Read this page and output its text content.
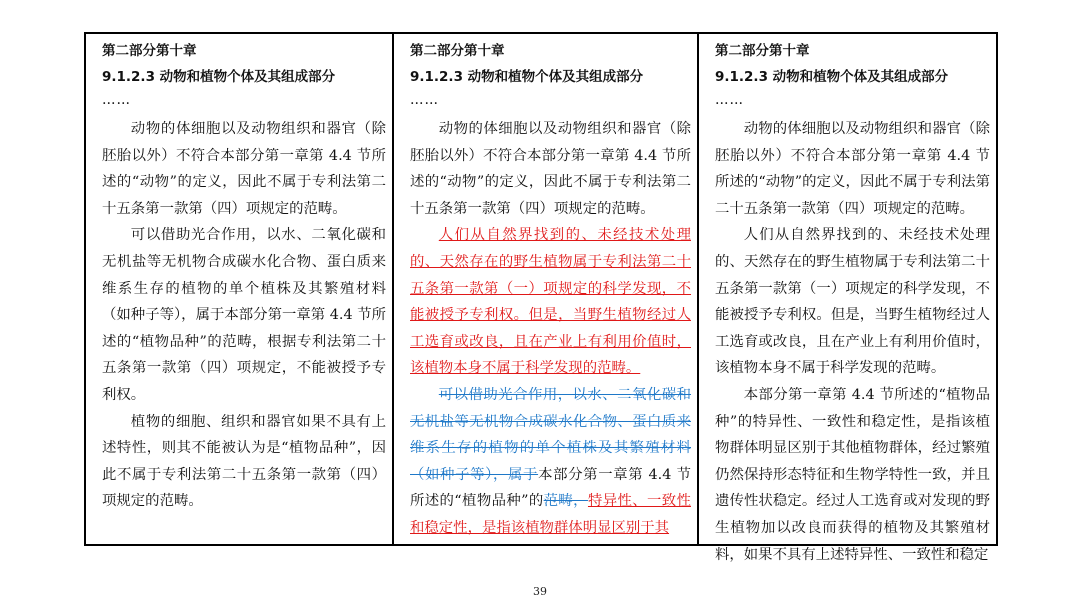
第二部分第十章
9.1.2.3 动物和植物个体及其组成部分
……

动物的体细胞以及动物组织和器官（除胚胎以外）不符合本部分第一章第 4.4 节所述的“动物”的定义，因此不属于专利法第二十五条第一款第（四）项规定的范畴。

可以借助光合作用，以水、二氧化碳和无机盐等无机物合成碳水化合物、蛋白质来维系生存的植物的单个植株及其繁殖材料（如种子等），属于本部分第一章第 4.4 节所述的“植物品种”的范畴，根据专利法第二十五条第一款第（四）项规定，不能被授予专利权。

植物的细胞、组织和器官如果不具有上述特性，则其不能被认为是“植物品种”，因此不属于专利法第二十五条第一款第（四）项规定的范畴。

第二部分第十章
9.1.2.3 动物和植物个体及其组成部分
……

动物的体细胞以及动物组织和器官（除胚胎以外）不符合本部分第一章第 4.4 节所述的“动物”的定义，因此不属于专利法第二十五条第一款第（四）项规定的范畴。

人们从自然界找到的、未经技术处理的、天然存在的野生植物属于专利法第二十五条第一款第（一）项规定的科学发现，不能被授予专利权。但是，当野生植物经过人工选育或改良，且在产业上有利用价值时，该植物本身不属于科学发现的范畴。

可以借助光合作用，以水、二氧化碳和无机盐等无机物合成碳水化合物、蛋白质来维系生存的植物的单个植株及其繁殖材料（如种子等），属于本部分第一章第 4.4 节所述的“植物品种”的范畴，特异性、一致性和稳定性，是指该植物群体明显区别于其

第二部分第十章
9.1.2.3 动物和植物个体及其组成部分
……

动物的体细胞以及动物组织和器官（除胚胎以外）不符合本部分第一章第 4.4 节所述的“动物”的定义，因此不属于专利法第二十五条第一款第（四）项规定的范畴。

人们从自然界找到的、未经技术处理的、天然存在的野生植物属于专利法第二十五条第一款第（一）项规定的科学发现，不能被授予专利权。但是，当野生植物经过人工选育或改良，且在产业上有利用价值时，该植物本身不属于科学发现的范畴。

本部分第一章第 4.4 节所述的“植物品种”的特异性、一致性和稳定性，是指该植物群体明显区别于其他植物群体，经过繁殖仍然保持形态特征和生物学特性一致，并且遗传性状稳定。经过人工选育或对发现的野生植物加以改良而获得的植物及其繁殖材料，如果不具有上述特异性、一致性和稳定

39
